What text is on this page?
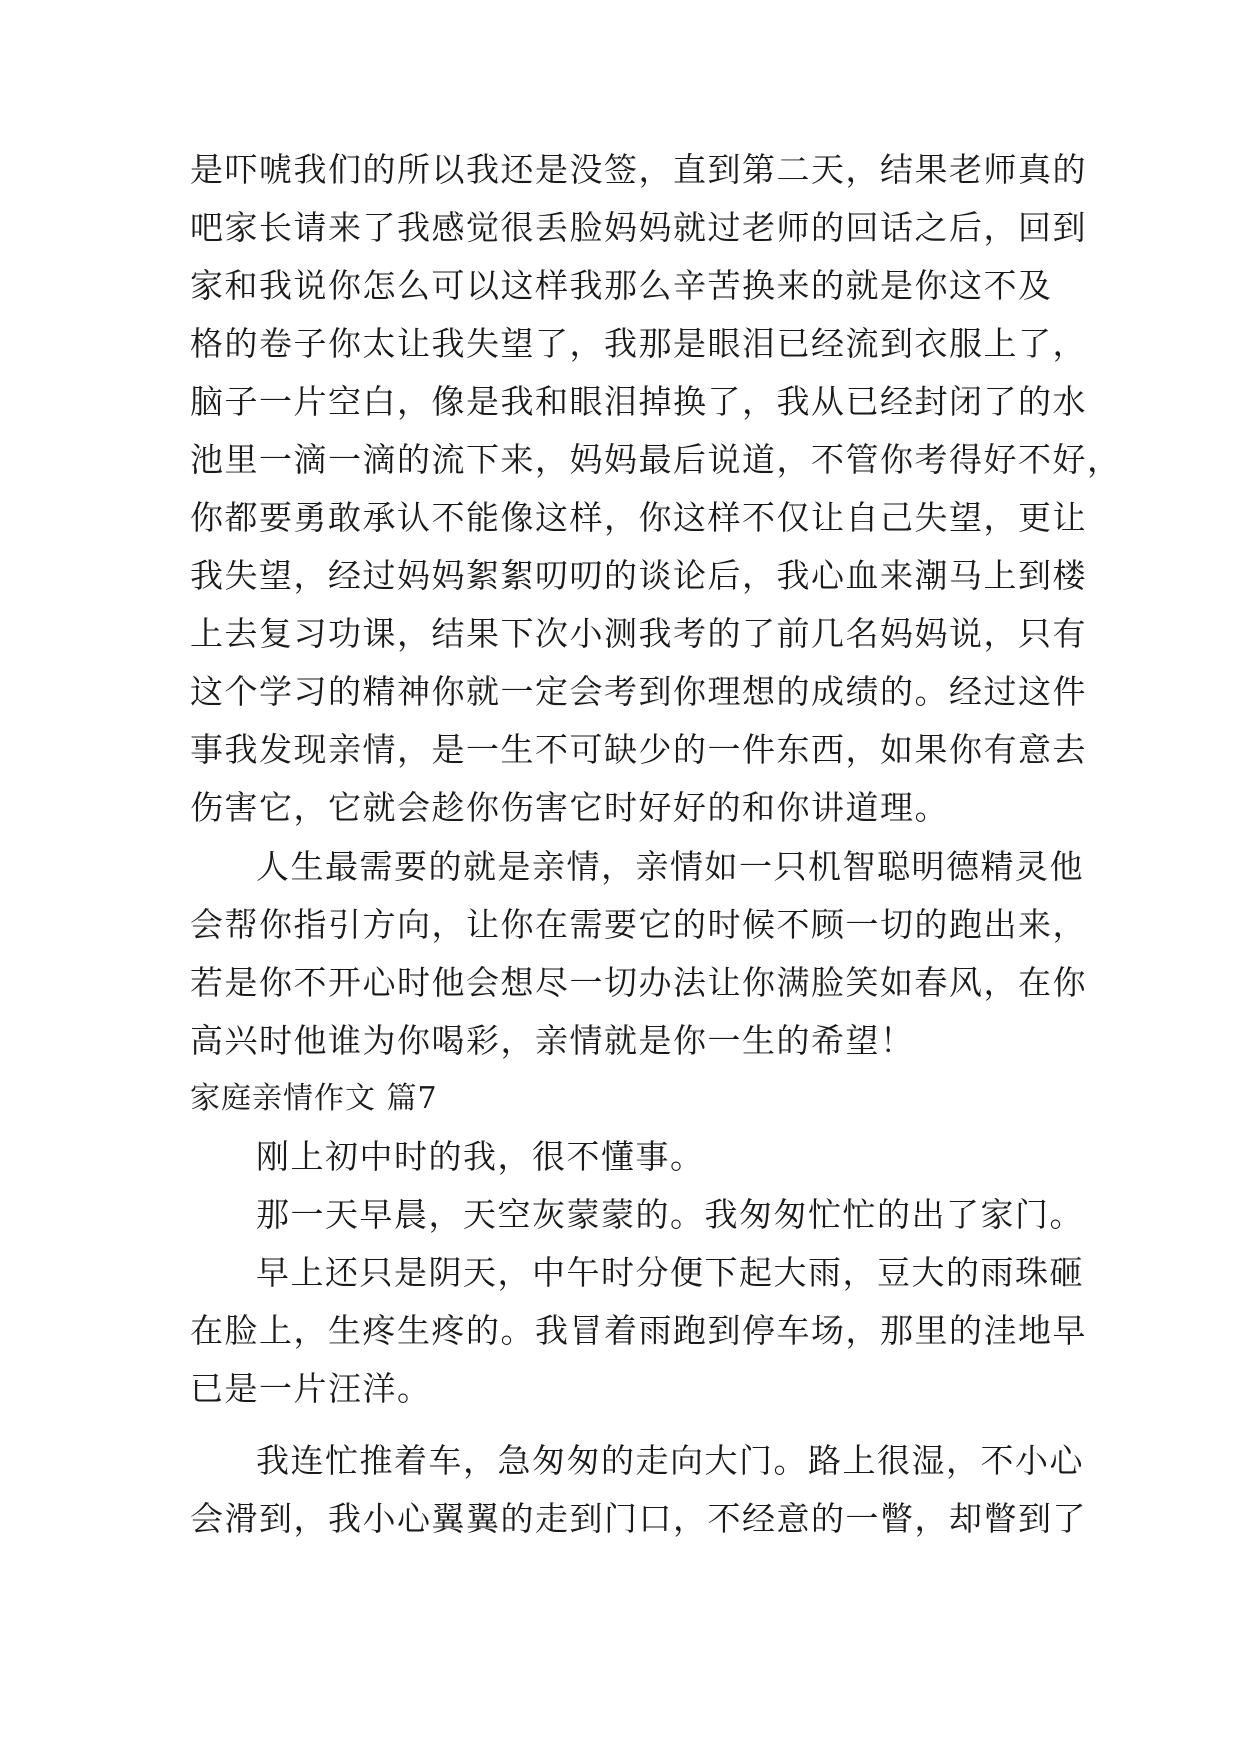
是吓唬我们的所以我还是没签，直到第二天，结果老师真的
吧家长请来了我感觉很丢脸妈妈就过老师的回话之后，回到
家和我说你怎么可以这样我那么辛苦换来的就是你这不及
格的卷子你太让我失望了，我那是眼泪已经流到衣服上了，
脑子一片空白，像是我和眼泪掉换了，我从已经封闭了的水
池里一滴一滴的流下来，妈妈最后说道，不管你考得好不好，
你都要勇敢承认不能像这样，你这样不仅让自己失望，更让
我失望，经过妈妈絮絮叨叨的谈论后，我心血来潮马上到楼
上去复习功课，结果下次小测我考的了前几名妈妈说，只有
这个学习的精神你就一定会考到你理想的成绩的。经过这件
事我发现亲情，是一生不可缺少的一件东西，如果你有意去
伤害它，它就会趁你伤害它时好好的和你讲道理。
人生最需要的就是亲情，亲情如一只机智聪明德精灵他
会帮你指引方向，让你在需要它的时候不顾一切的跑出来，
若是你不开心时他会想尽一切办法让你满脸笑如春风，在你
高兴时他谁为你喝彩，亲情就是你一生的希望！
家庭亲情作文 篇7
刚上初中时的我，很不懂事。
那一天早晨，天空灰蒙蒙的。我匆匆忙忙的出了家门。
早上还只是阴天，中午时分便下起大雨，豆大的雨珠砸
在脸上，生疼生疼的。我冒着雨跑到停车场，那里的洼地早
已是一片汪洋。
我连忙推着车，急匆匆的走向大门。路上很湿，不小心
会滑到，我小心翼翼的走到门口，不经意的一瞥，却瞥到了
